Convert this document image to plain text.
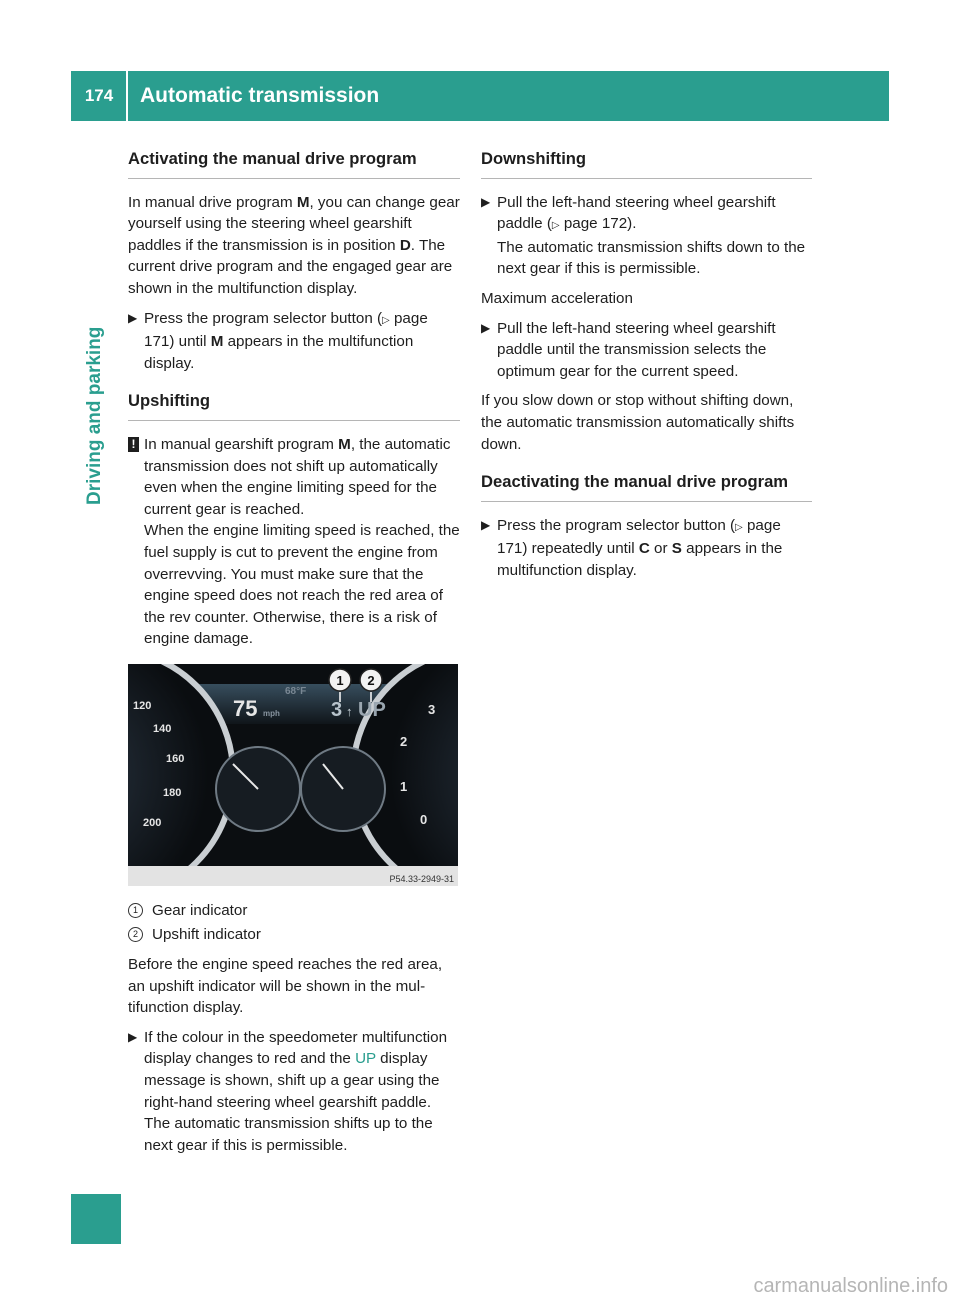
174	Automatic transmission
Driving and parking
Activating the manual drive program

In manual drive program M, you can change gear yourself using the steering wheel gearshift paddles if the transmission is in position D. The current drive program and the engaged gear are shown in the multifunction display.

▶ Press the program selector button (▷ page 171) until M appears in the multifunction display.
Upshifting
! In manual gearshift program M, the automatic transmission does not shift up automatically even when the engine limiting speed for the current gear is reached.
When the engine limiting speed is reached, the fuel supply is cut to prevent the engine from overrevving. You must make sure that the engine speed does not reach the red area of the rev counter. Otherwise, there is a risk of engine damage.
68°F
75 mph	3 ↑ UP
120
140
160
180
200
3
2
1
0
1 2
P54.33-2949-31
1 Gear indicator
2 Upshift indicator

Before the engine speed reaches the red area, an upshift indicator will be shown in the multifunction display.

▶ If the colour in the speedometer multifunction display changes to red and the UP display message is shown, shift up a gear using the right-hand steering wheel gearshift paddle.
The automatic transmission shifts up to the next gear if this is permissible.
Downshifting
▶ Pull the left-hand steering wheel gearshift paddle (▷ page 172).
The automatic transmission shifts down to the next gear if this is permissible.

Maximum acceleration

▶ Pull the left-hand steering wheel gearshift paddle until the transmission selects the optimum gear for the current speed.

If you slow down or stop without shifting down, the automatic transmission automatically shifts down.

Deactivating the manual drive program
▶ Press the program selector button (▷ page 171) repeatedly until C or S appears in the multifunction display.
carmanualsonline.info
